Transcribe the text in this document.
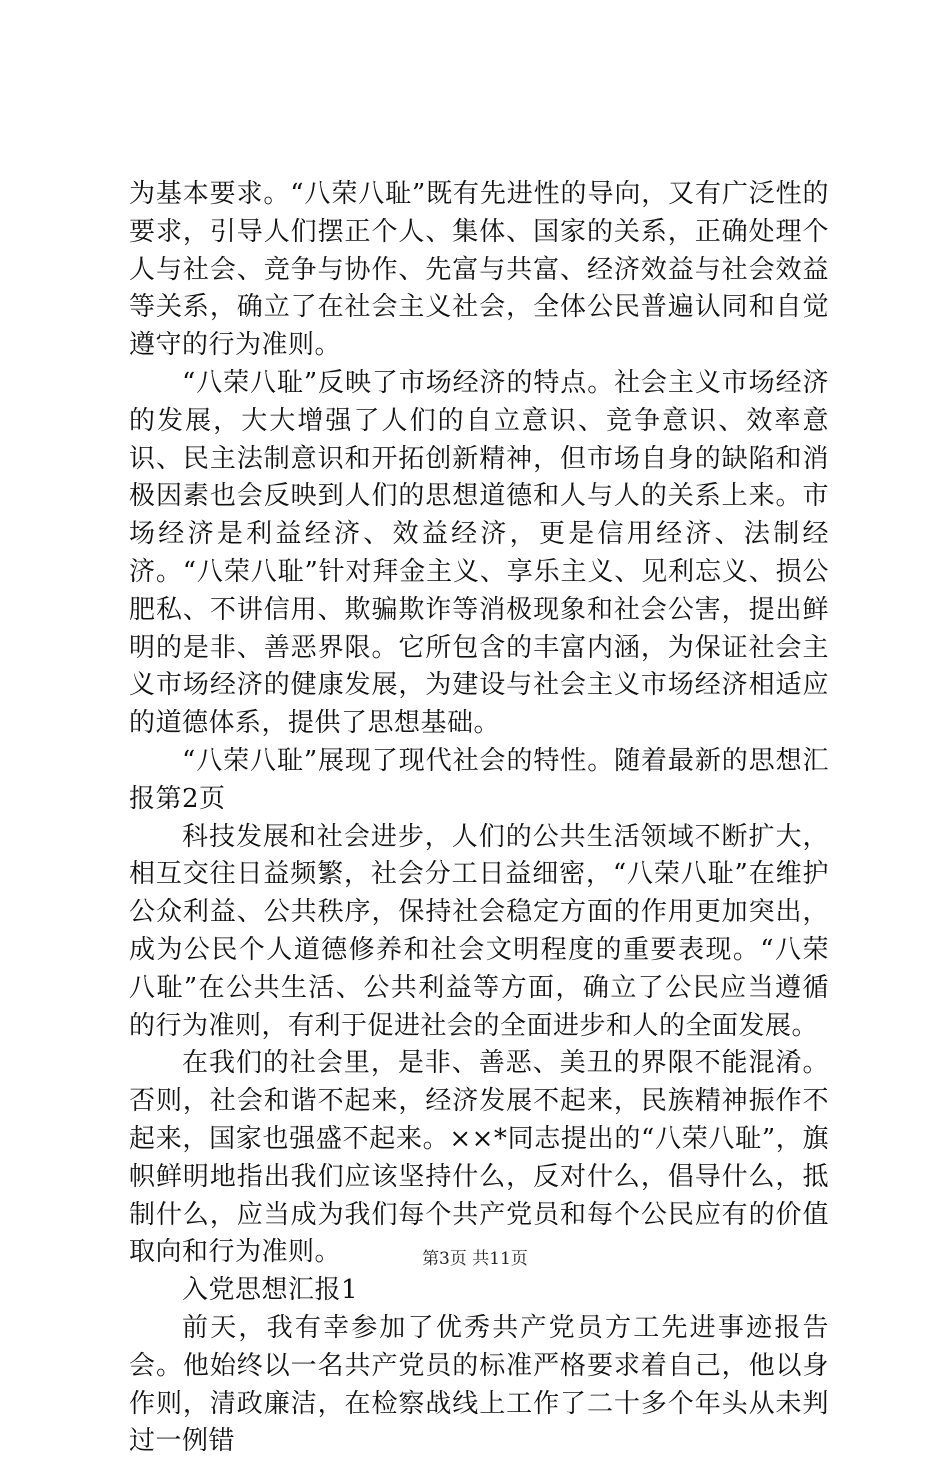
为基本要求。“八荣八耻”既有先进性的导向，又有广泛性的要求，引导人们摆正个人、集体、国家的关系，正确处理个人与社会、竞争与协作、先富与共富、经济效益与社会效益等关系，确立了在社会主义社会，全体公民普遍认同和自觉遵守的行为准则。

“八荣八耻”反映了市场经济的特点。社会主义市场经济的发展，大大增强了人们的自立意识、竞争意识、效率意识、民主法制意识和开拓创新精神，但市场自身的缺陷和消极因素也会反映到人们的思想道德和人与人的关系上来。市场经济是利益经济、效益经济，更是信用经济、法制经济。“八荣八耻”针对拜金主义、享乐主义、见利忘义、损公肥私、不讲信用、欺骗欺诈等消极现象和社会公害，提出鲜明的是非、善恶界限。它所包含的丰富内涵，为保证社会主义市场经济的健康发展，为建设与社会主义市场经济相适应的道德体系，提供了思想基础。

“八荣八耻”展现了现代社会的特性。随着最新的思想汇报第2页

科技发展和社会进步，人们的公共生活领域不断扩大，相互交往日益频繁，社会分工日益细密，“八荣八耻”在维护公众利益、公共秩序，保持社会稳定方面的作用更加突出，成为公民个人道德修养和社会文明程度的重要表现。“八荣八耻”在公共生活、公共利益等方面，确立了公民应当遵循的行为准则，有利于促进社会的全面进步和人的全面发展。

在我们的社会里，是非、善恶、美丑的界限不能混淆。否则，社会和谐不起来，经济发展不起来，民族精神振作不起来，国家也强盛不起来。××*同志提出的“八荣八耻”，旗帜鲜明地指出我们应该坚持什么，反对什么，倡导什么，抵制什么，应当成为我们每个共产党员和每个公民应有的价值取向和行为准则。

入党思想汇报1

前天，我有幸参加了优秀共产党员方工先进事迹报告会。他始终以一名共产党员的标准严格要求着自己，他以身作则，清政廉洁，在检察战线上工作了二十多个年头从未判过一例错

第3页 共11页
